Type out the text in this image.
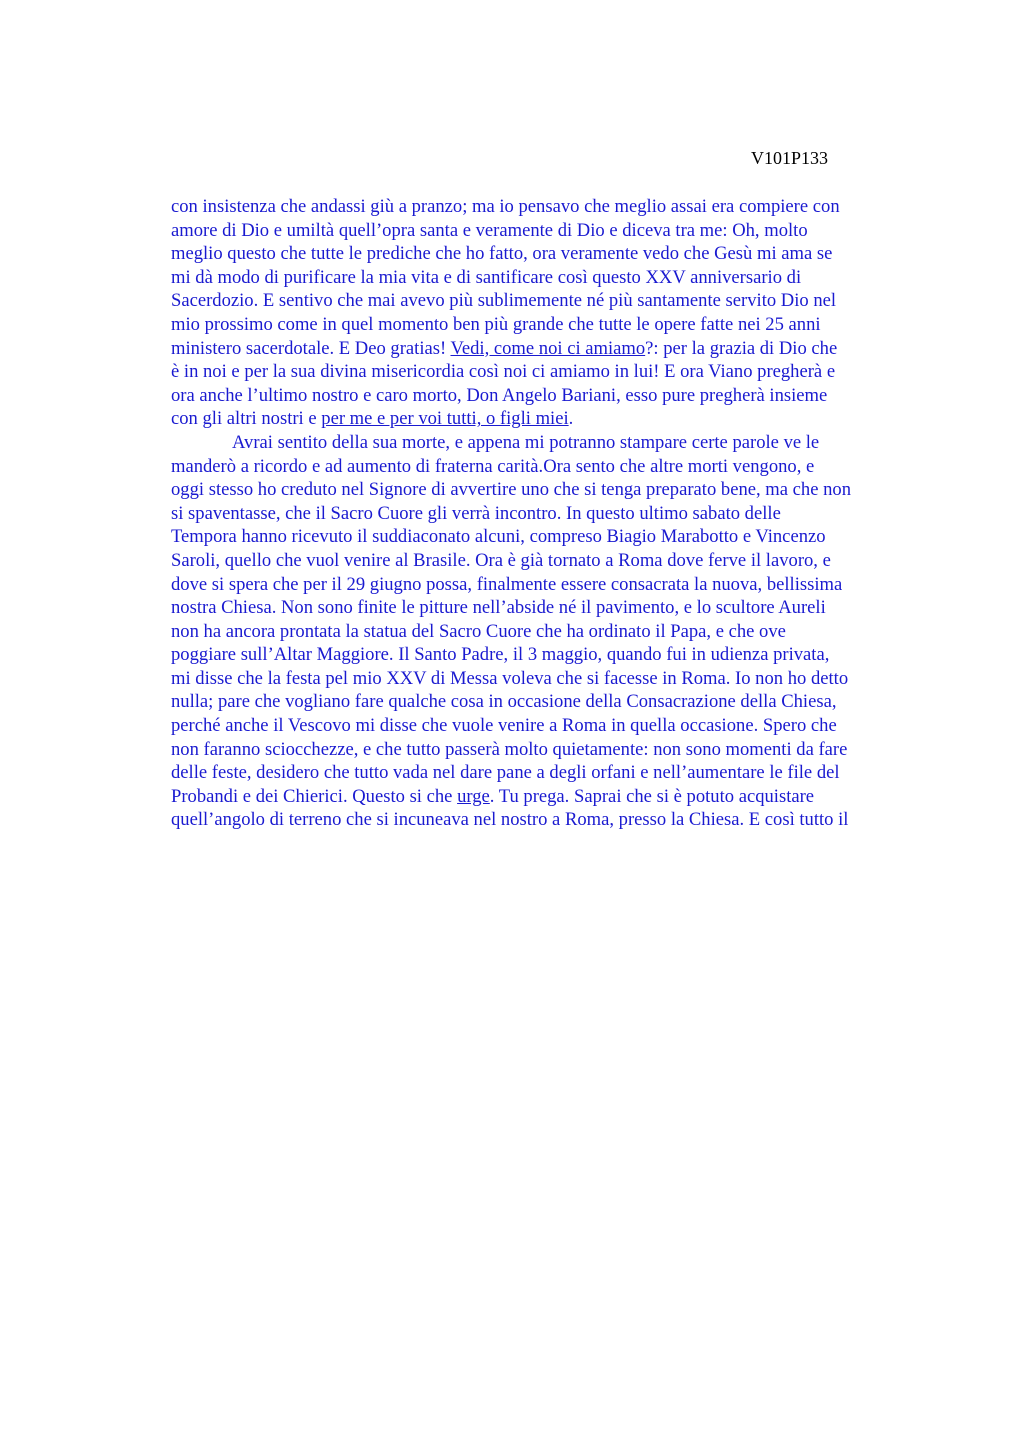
V101P133
con insistenza che andassi giù a pranzo; ma io pensavo che meglio assai era compiere con
amore di Dio e umiltà quell’opra santa e veramente di Dio e diceva tra me: Oh, molto
meglio questo che tutte le prediche che ho fatto, ora veramente vedo che Gesù mi ama se
mi dà modo di purificare la mia vita e di santificare così questo XXV anniversario di
Sacerdozio. E sentivo che mai avevo più sublimemente né più santamente servito Dio nel
mio prossimo come in quel momento ben più grande che tutte le opere fatte nei 25 anni
ministero sacerdotale. E Deo gratias! Vedi, come noi ci amiamo?: per la grazia di Dio che
è in noi e per la sua divina misericordia così noi ci amiamo in lui! E ora Viano pregherà e
ora anche l’ultimo nostro e caro morto, Don Angelo Bariani, esso pure pregherà insieme
con gli altri nostri e per me e per voi tutti, o figli miei.
Avrai sentito della sua morte, e appena mi potranno stampare certe parole ve le
manderò a ricordo e ad aumento di fraterna carità.Ora sento che altre morti vengono, e
oggi stesso ho creduto nel Signore di avvertire uno che si tenga preparato bene, ma che non
si spaventasse, che il Sacro Cuore gli verrà incontro. In questo ultimo sabato delle
Tempora hanno ricevuto il suddiaconato alcuni, compreso Biagio Marabotto e Vincenzo
Saroli, quello che vuol venire al Brasile. Ora è già tornato a Roma dove ferve il lavoro, e
dove si spera che per il 29 giugno possa, finalmente essere consacrata la nuova, bellissima
nostra Chiesa. Non sono finite le pitture nell’abside né il pavimento, e lo scultore Aureli
non ha ancora prontata la statua del Sacro Cuore che ha ordinato il Papa, e che ove
poggiare sull’Altar Maggiore. Il Santo Padre, il 3 maggio, quando fui in udienza privata,
mi disse che la festa pel mio XXV di Messa voleva che si facesse in Roma. Io non ho detto
nulla; pare che vogliano fare qualche cosa in occasione della Consacrazione della Chiesa,
perché anche il Vescovo mi disse che vuole venire a Roma in quella occasione. Spero che
non faranno sciocchezze, e che tutto passerà molto quietamente: non sono momenti da fare
delle feste, desidero che tutto vada nel dare pane a degli orfani e nell’aumentare le file del
Probandi e dei Chierici. Questo si che urge. Tu prega. Saprai che si è potuto acquistare
quell’angolo di terreno che si incuneava nel nostro a Roma, presso la Chiesa. E così tutto il
